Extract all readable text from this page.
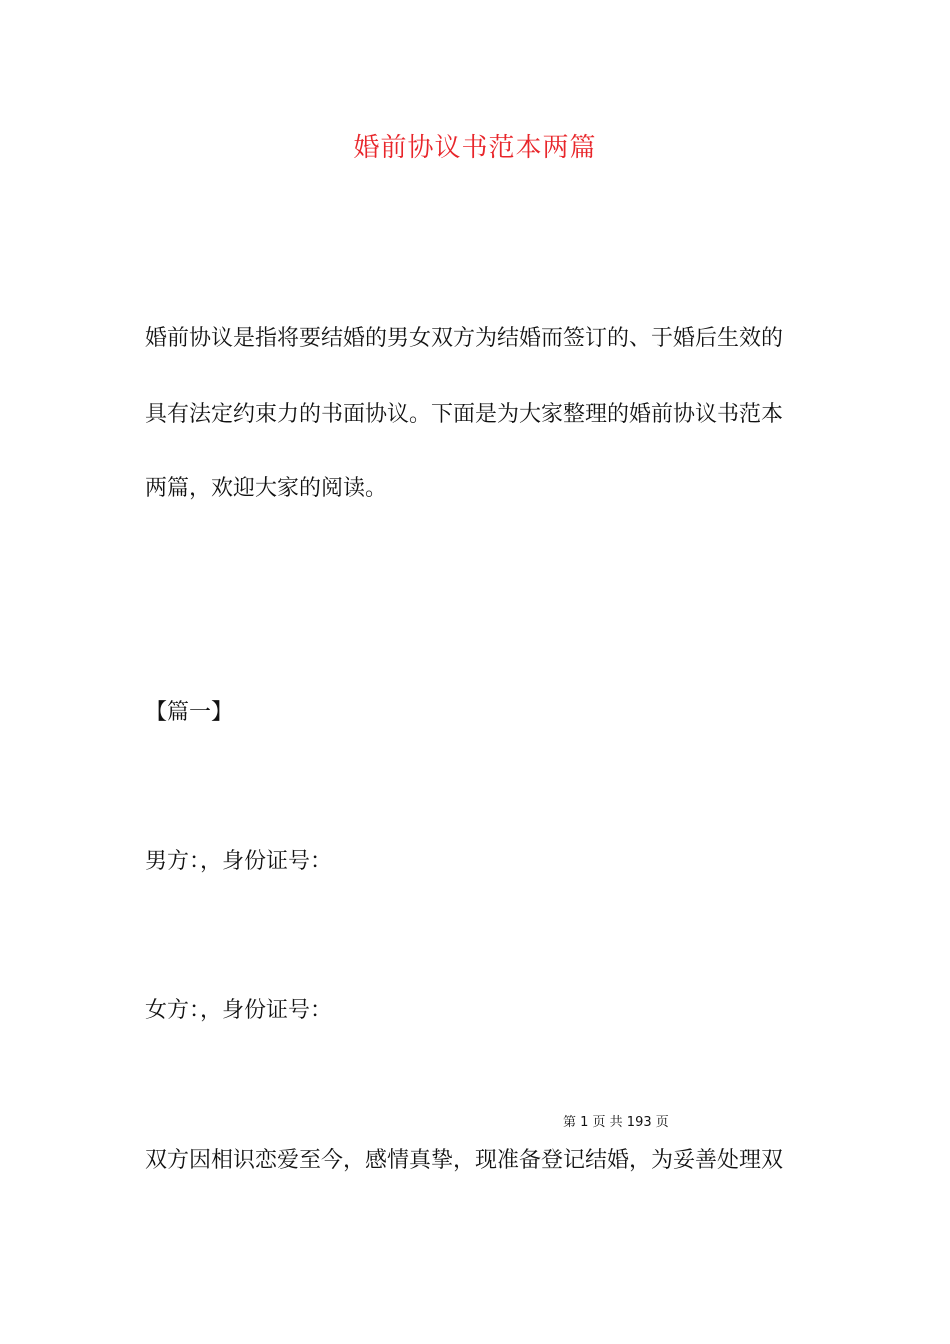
婚前协议书范本两篇
婚前协议是指将要结婚的男女双方为结婚而签订的、于婚后生效的
具有法定约束力的书面协议。下面是为大家整理的婚前协议书范本
两篇，欢迎大家的阅读。
【篇一】
男方：，身份证号：
女方：，身份证号：
第 1 页 共 193 页
双方因相识恋爱至今，感情真挚，现准备登记结婚，为妥善处理双
